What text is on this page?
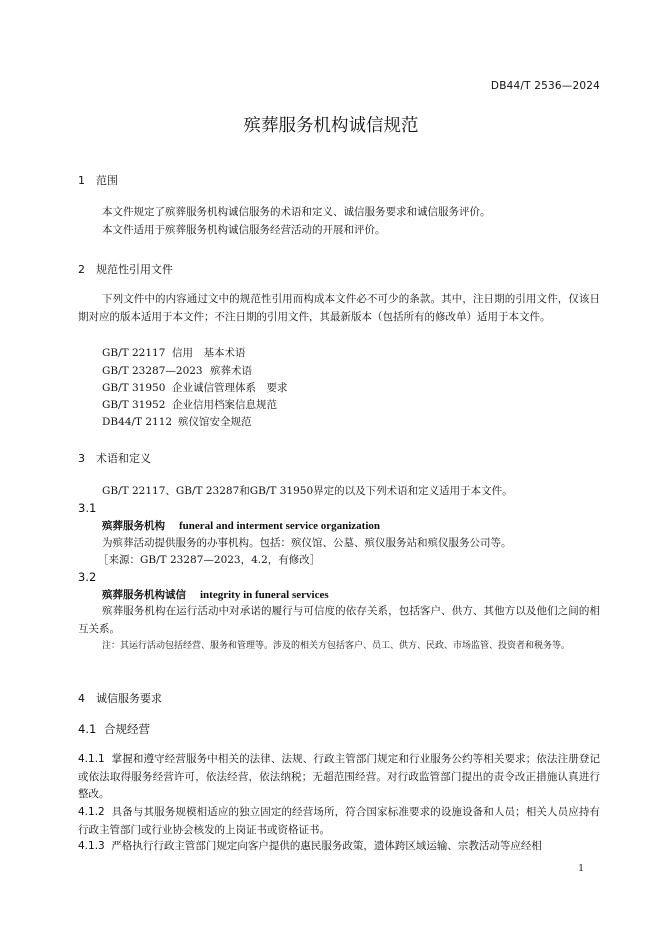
DB44/T 2536—2024
殡葬服务机构诚信规范
1 范围
本文件规定了殡葬服务机构诚信服务的术语和定义、诚信服务要求和诚信服务评价。
本文件适用于殡葬服务机构诚信服务经营活动的开展和评价。
2 规范性引用文件
下列文件中的内容通过文中的规范性引用而构成本文件必不可少的条款。其中，注日期的引用文件，仅该日期对应的版本适用于本文件；不注日期的引用文件，其最新版本（包括所有的修改单）适用于本文件。
GB/T 22117 信用　基本术语
GB/T 23287—2023 殡葬术语
GB/T 31950 企业诚信管理体系　要求
GB/T 31952 企业信用档案信息规范
DB44/T 2112 殡仪馆安全规范
3 术语和定义
GB/T 22117、GB/T 23287和GB/T 31950界定的以及下列术语和定义适用于本文件。
3.1
殡葬服务机构 funeral and interment service organization
为殡葬活动提供服务的办事机构。包括：殡仪馆、公墓、殡仪服务站和殡仪服务公司等。
［来源：GB/T 23287—2023，4.2，有修改］
3.2
殡葬服务机构诚信 integrity in funeral services
殡葬服务机构在运行活动中对承诺的履行与可信度的依存关系，包括客户、供方、其他方以及他们之间的相互关系。
注： 其运行活动包括经营、服务和管理等。涉及的相关方包括客户、员工、供方、民政、市场监管、投资者和税务等。
4 诚信服务要求
4.1 合规经营
4.1.1 掌握和遵守经营服务中相关的法律、法规、行政主管部门规定和行业服务公约等相关要求；依法注册登记或依法取得服务经营许可，依法经营，依法纳税；无超范围经营。对行政监管部门提出的责令改正措施认真进行整改。
4.1.2 具备与其服务规模相适应的独立固定的经营场所，符合国家标准要求的设施设备和人员；相关人员应持有行政主管部门或行业协会核发的上岗证书或资格证书。
4.1.3 严格执行行政主管部门规定向客户提供的惠民服务政策，遗体跨区域运输、宗教活动等应经相
1
